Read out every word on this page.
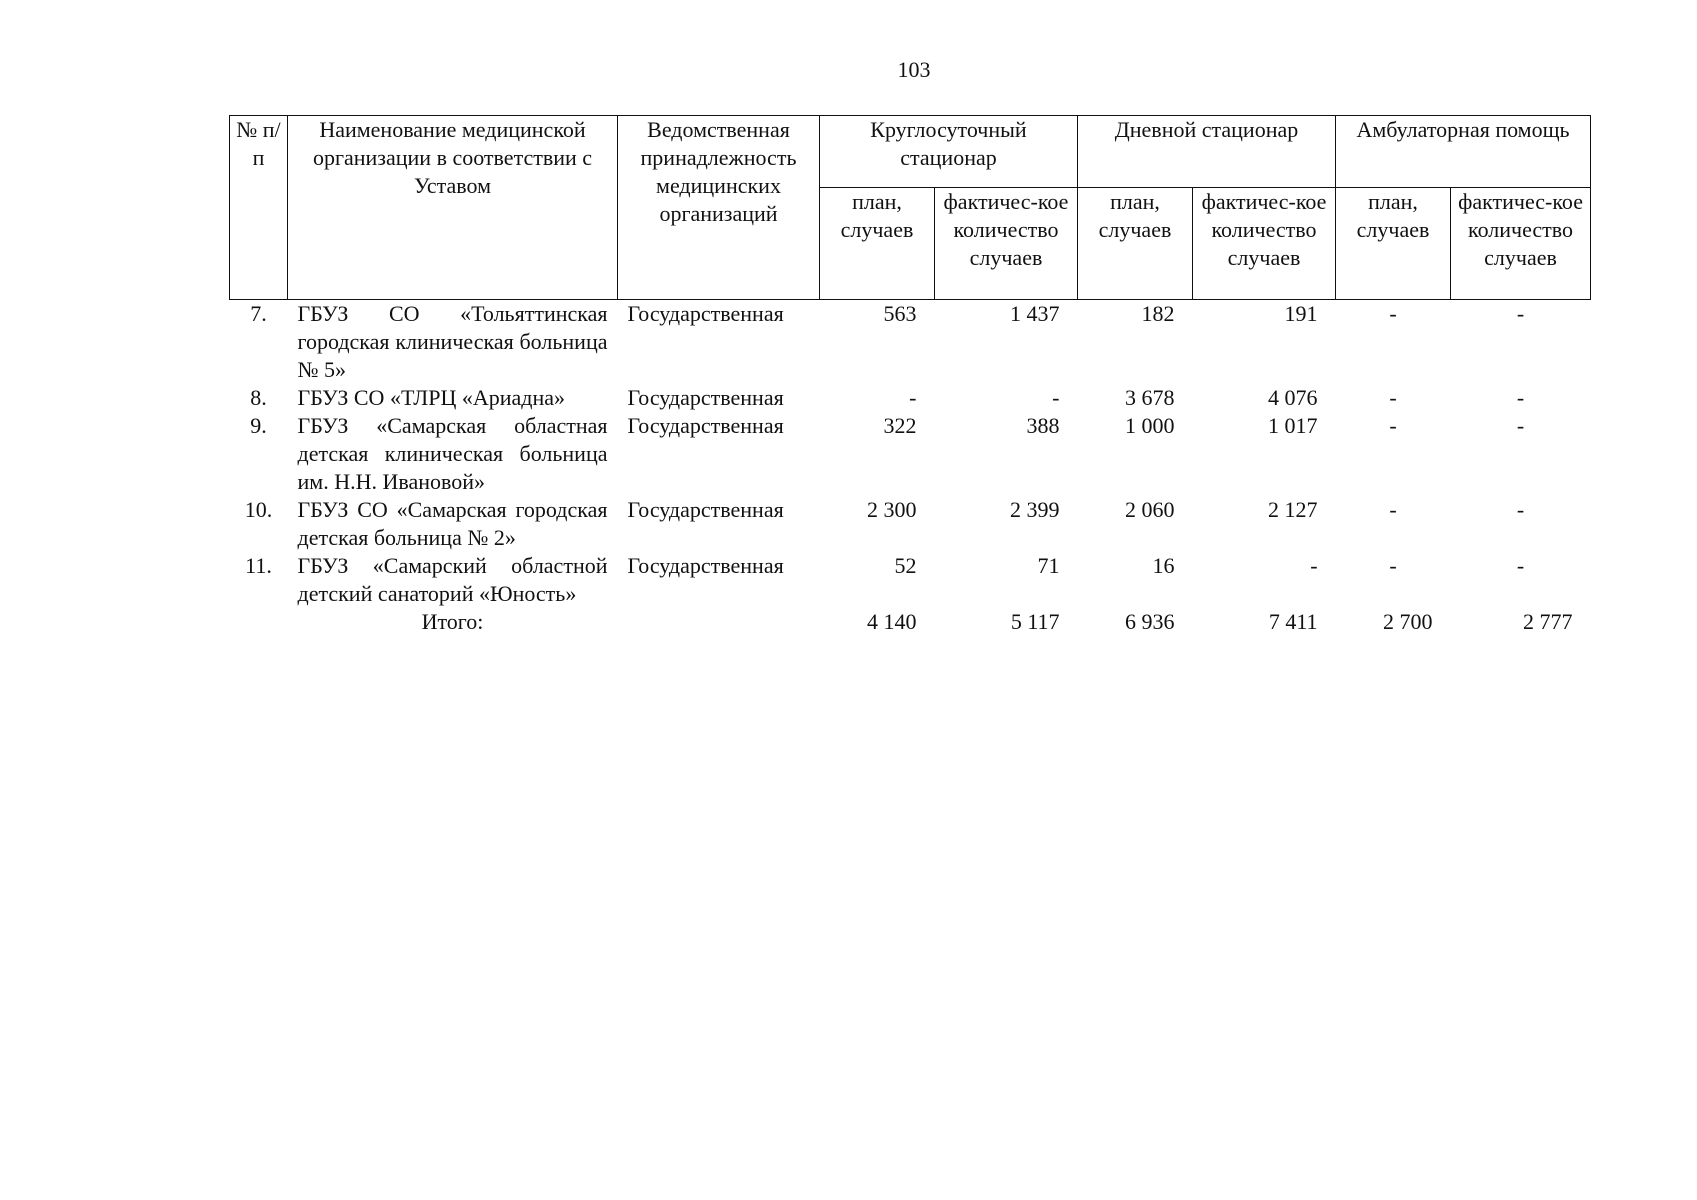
103
№ п/п	Наименование медицинской организации в соответствии с Уставом	Ведомственная принадлежность медицинских организаций	Круглосуточный стационар		Дневной стационар		Амбулаторная помощь	
			план, случаев	фактичес-кое количество случаев	план, случаев	фактичес-кое количество случаев	план, случаев	фактичес-кое количество случаев
7.	ГБУЗ СО «Тольяттинская городская клиническая больница № 5»	Государственная	563	1 437	182	191	-	-
8.	ГБУЗ СО «ТЛРЦ «Ариадна»	Государственная	-	-	3 678	4 076	-	-
9.	ГБУЗ «Самарская областная детская клиническая больница им. Н.Н. Ивановой»	Государственная	322	388	1 000	1 017	-	-
10.	ГБУЗ СО «Самарская городская детская больница № 2»	Государственная	2 300	2 399	2 060	2 127	-	-
11.	ГБУЗ «Самарский областной детский санаторий «Юность»	Государственная	52	71	16	-	-	-
	Итого:		4 140	5 117	6 936	7 411	2 700	2 777
